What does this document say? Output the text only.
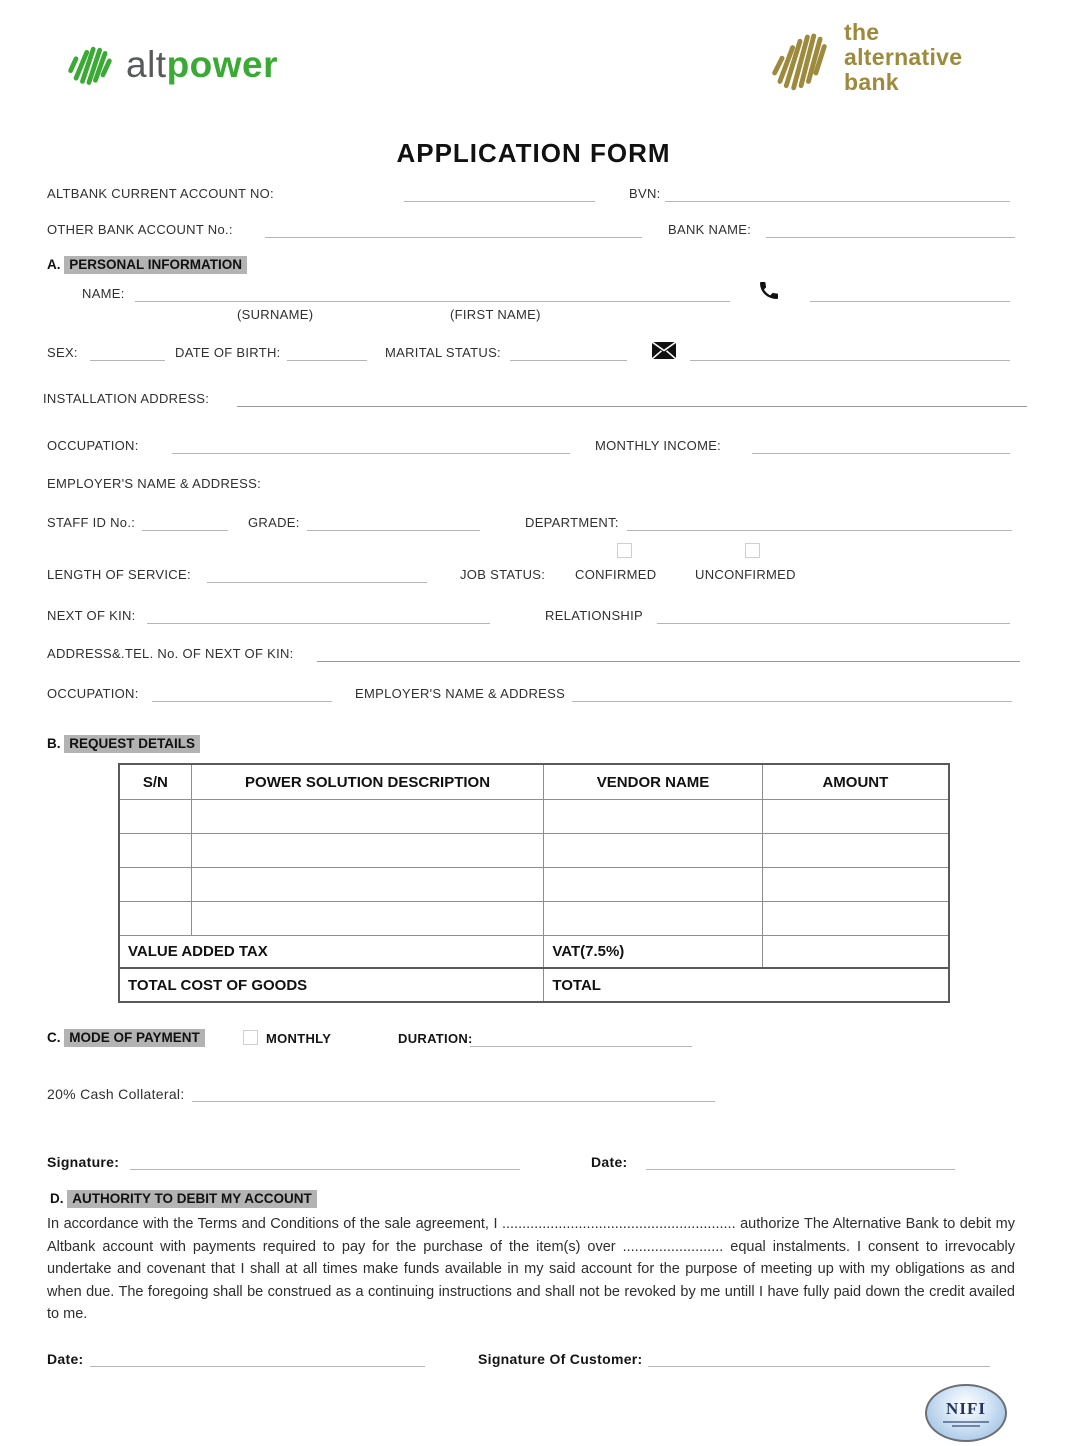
altpower
the
alternative
bank
APPLICATION FORM
ALTBANK CURRENT ACCOUNT NO:	BVN:
OTHER BANK ACCOUNT No.:	BANK NAME:
A. PERSONAL INFORMATION
NAME:
(SURNAME)	(FIRST NAME)
SEX:	DATE OF BIRTH:	MARITAL STATUS:
INSTALLATION ADDRESS:
OCCUPATION:	MONTHLY INCOME:
EMPLOYER'S NAME & ADDRESS:
STAFF ID No.:	GRADE:	DEPARTMENT:
LENGTH OF SERVICE:	JOB STATUS: CONFIRMED	UNCONFIRMED
NEXT OF KIN:	RELATIONSHIP
ADDRESS&.TEL. No. OF NEXT OF KIN:
OCCUPATION:	EMPLOYER'S NAME & ADDRESS
B. REQUEST DETAILS
S/N	POWER SOLUTION DESCRIPTION	VENDOR NAME	AMOUNT

VALUE ADDED TAX		VAT(7.5%)	
TOTAL COST OF GOODS		TOTAL	
C. MODE OF PAYMENT	MONTHLY	DURATION:
20% Cash Collateral:
Signature:	Date:
D. AUTHORITY TO DEBIT MY ACCOUNT
In accordance with the Terms and Conditions of the sale agreement, I .......................................................... authorize The Alternative Bank to debit my Altbank account with payments required to pay for the purchase of the item(s) over ......................... equal instalments. I consent to irrevocably undertake and covenant that I shall at all times make funds available in my said account for the purpose of meeting up with my obligations as and when due. The foregoing shall be construed as a continuing instructions and shall not be revoked by me untill I have fully paid down the credit availed to me.
Date:	Signature Of Customer:
NIFI
